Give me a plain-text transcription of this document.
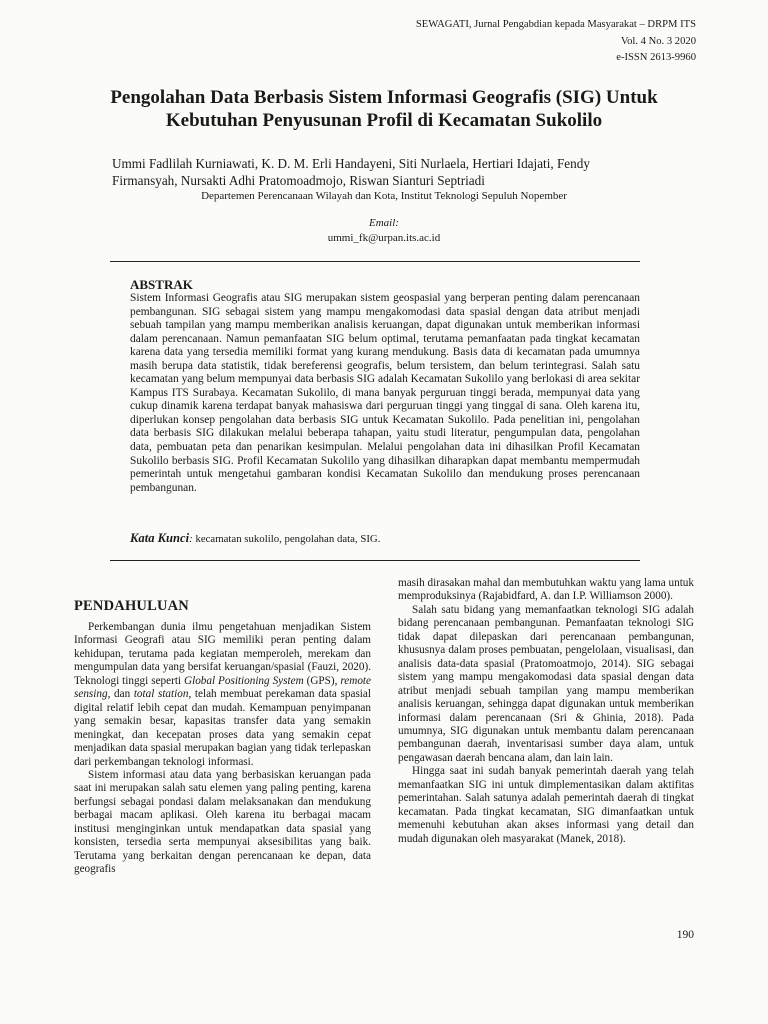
SEWAGATI, Jurnal Pengabdian kepada Masyarakat – DRPM ITS
Vol. 4 No. 3 2020
e-ISSN 2613-9960
Pengolahan Data Berbasis Sistem Informasi Geografis (SIG) Untuk
Kebutuhan Penyusunan Profil di Kecamatan Sukolilo
Ummi Fadlilah Kurniawati, K. D. M. Erli Handayeni, Siti Nurlaela, Hertiari Idajati, Fendy
Firmansyah, Nursakti Adhi Pratomoadmojo, Riswan Sianturi Septriadi
Departemen Perencanaan Wilayah dan Kota, Institut Teknologi Sepuluh Nopember
Email:
ummi_fk@urpan.its.ac.id
ABSTRAK
Sistem Informasi Geografis atau SIG merupakan sistem geospasial yang berperan penting dalam perencanaan pembangunan. SIG sebagai sistem yang mampu mengakomodasi data spasial dengan data atribut menjadi sebuah tampilan yang mampu memberikan analisis keruangan, dapat digunakan untuk memberikan informasi dalam perencanaan. Namun pemanfaatan SIG belum optimal, terutama pemanfaatan pada tingkat kecamatan karena data yang tersedia memiliki format yang kurang mendukung. Basis data di kecamatan pada umumnya masih berupa data statistik, tidak bereferensi geografis, belum tersistem, dan belum terintegrasi. Salah satu kecamatan yang belum mempunyai data berbasis SIG adalah Kecamatan Sukolilo yang berlokasi di area sekitar Kampus ITS Surabaya. Kecamatan Sukolilo, di mana banyak perguruan tinggi berada, mempunyai data yang cukup dinamik karena terdapat banyak mahasiswa dari perguruan tinggi yang tinggal di sana. Oleh karena itu, diperlukan konsep pengolahan data berbasis SIG untuk Kecamatan Sukolilo. Pada penelitian ini, pengolahan data berbasis SIG dilakukan melalui beberapa tahapan, yaitu studi literatur, pengumpulan data, pengolahan data, pembuatan peta dan penarikan kesimpulan. Melalui pengolahan data ini dihasilkan Profil Kecamatan Sukolilo berbasis SIG. Profil Kecamatan Sukolilo yang dihasilkan diharapkan dapat membantu mempermudah pemerintah untuk mengetahui gambaran kondisi Kecamatan Sukolilo dan mendukung proses perencanaan pembangunan.
Kata Kunci: kecamatan sukolilo, pengolahan data, SIG.
PENDAHULUAN

Perkembangan dunia ilmu pengetahuan menjadikan Sistem Informasi Geografi atau SIG memiliki peran penting dalam kehidupan, terutama pada kegiatan memperoleh, merekam dan mengumpulan data yang bersifat keruangan/spasial (Fauzi, 2020). Teknologi tinggi seperti Global Positioning System (GPS), remote sensing, dan total station, telah membuat perekaman data spasial digital relatif lebih cepat dan mudah. Kemampuan penyimpanan yang semakin besar, kapasitas transfer data yang semakin meningkat, dan kecepatan proses data yang semakin cepat menjadikan data spasial merupakan bagian yang tidak terlepaskan dari perkembangan teknologi informasi.

Sistem informasi atau data yang berbasiskan keruangan pada saat ini merupakan salah satu elemen yang paling penting, karena berfungsi sebagai pondasi dalam melaksanakan dan mendukung berbagai macam aplikasi. Oleh karena itu berbagai macam institusi menginginkan untuk mendapatkan data spasial yang konsisten, tersedia serta mempunyai aksesibilitas yang baik. Terutama yang berkaitan dengan perencanaan ke depan, data geografis

masih dirasakan mahal dan membutuhkan waktu yang lama untuk memproduksinya (Rajabidfard, A. dan I.P. Williamson 2000).

Salah satu bidang yang memanfaatkan teknologi SIG adalah bidang perencanaan pembangunan. Pemanfaatan teknologi SIG tidak dapat dilepaskan dari perencanaan pembangunan, khususnya dalam proses pembuatan, pengelolaan, visualisasi, dan analisis data-data spasial (Pratomoatmojo, 2014). SIG sebagai sistem yang mampu mengakomodasi data spasial dengan data atribut menjadi sebuah tampilan yang mampu memberikan analisis keruangan, sehingga dapat digunakan untuk memberikan informasi dalam perencanaan (Sri & Ghinia, 2018). Pada umumnya, SIG digunakan untuk membantu dalam perencanaan pembangunan daerah, inventarisasi sumber daya alam, untuk pengawasan daerah bencana alam, dan lain lain.

Hingga saat ini sudah banyak pemerintah daerah yang telah memanfaatkan SIG ini untuk dimplementasikan dalam aktifitas pemerintahan. Salah satunya adalah pemerintah daerah di tingkat kecamatan. Pada tingkat kecamatan, SIG dimanfaatkan untuk memenuhi kebutuhan akan akses informasi yang detail dan mudah digunakan oleh masyarakat (Manek, 2018).

190
